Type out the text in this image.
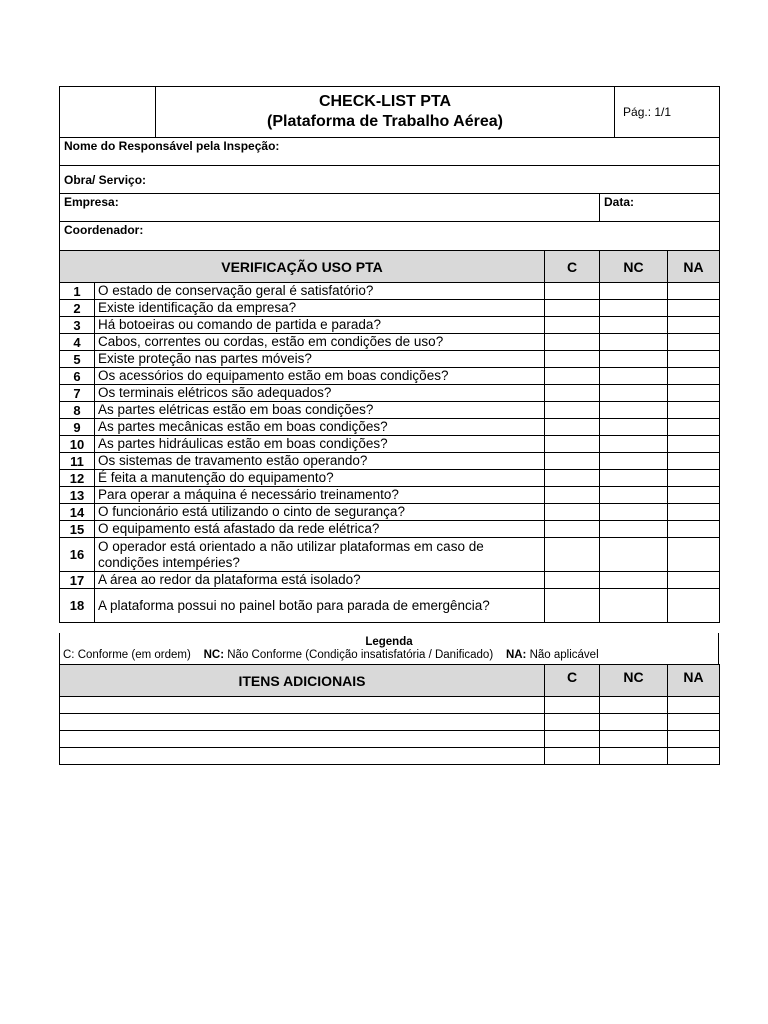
	CHECK-LIST PTA
(Plataforma de Trabalho Aérea)		Pág.: 1/1
Nome do Responsável pela Inspeção:			
Obra/ Serviço:			
Empresa:		Data:	
Coordenador:			
VERIFICAÇÃO USO PTA		C	NC	NA
1	O estado de conservação geral é satisfatório?			
2	Existe identificação da empresa?			
3	Há botoeiras ou comando de partida e parada?			
4	Cabos, correntes ou cordas, estão em condições de uso?			
5	Existe proteção nas partes móveis?			
6	Os acessórios do equipamento estão em boas condições?			
7	Os terminais elétricos são adequados?			
8	As partes elétricas estão em boas condições?			
9	As partes mecânicas estão em boas condições?			
10	As partes hidráulicas estão em boas condições?			
11	Os sistemas de travamento estão operando?			
12	É feita a manutenção do equipamento?			
13	Para operar a máquina é necessário treinamento?			
14	O funcionário está utilizando o cinto de segurança?			
15	O equipamento está afastado da rede elétrica?			
16	O operador está orientado a não utilizar plataformas em caso de condições intempéries?			
17	A área ao redor da plataforma está isolado?			
18	A plataforma possui no painel botão para parada de emergência?			
Legenda
C: Conforme (em ordem) NC: Não Conforme (Condição insatisfatória / Danificado) NA: Não aplicável
ITENS ADICIONAIS	C	NC	NA
